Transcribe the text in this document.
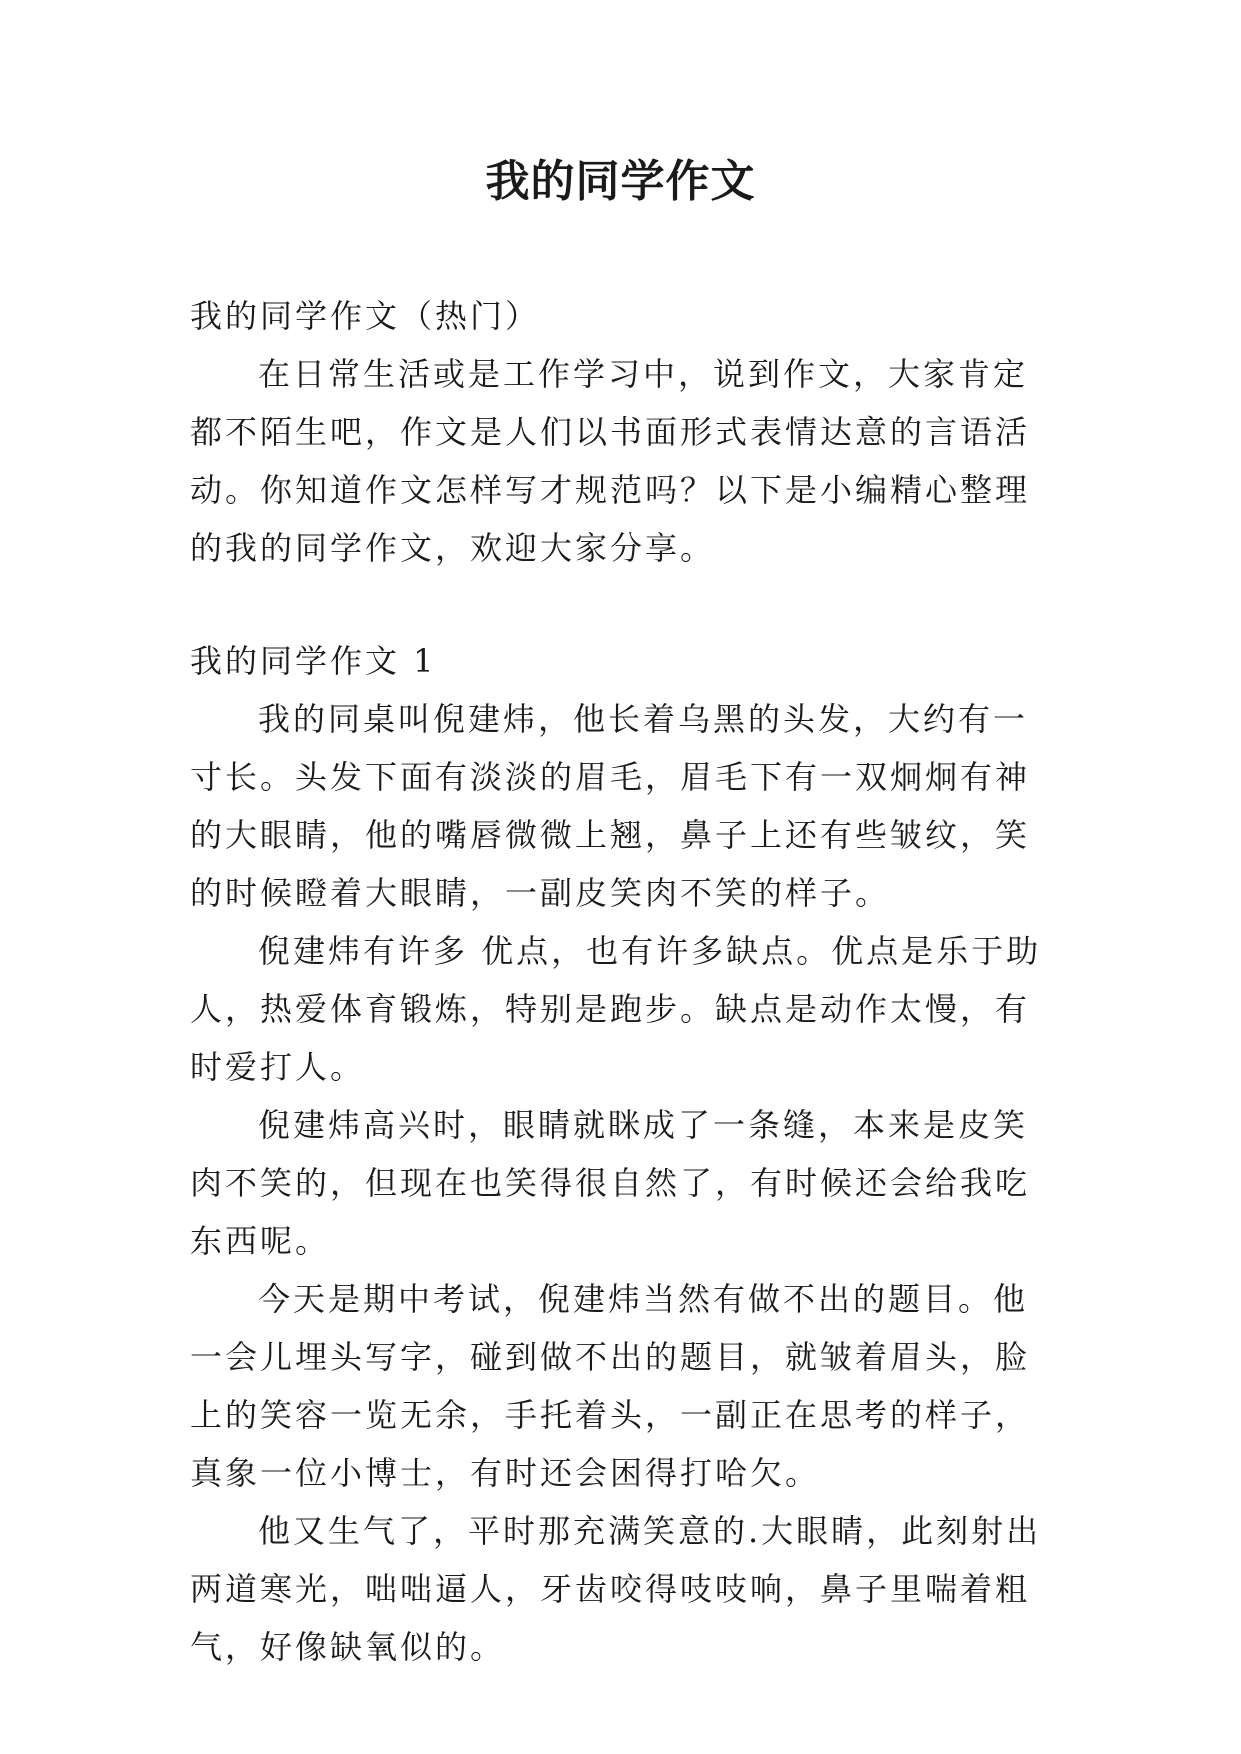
我的同学作文

我的同学作文（热门）

在日常生活或是工作学习中，说到作文，大家肯定都不陌生吧，作文是人们以书面形式表情达意的言语活动。你知道作文怎样写才规范吗？以下是小编精心整理的我的同学作文，欢迎大家分享。

我的同学作文 1

我的同桌叫倪建炜，他长着乌黑的头发，大约有一寸长。头发下面有淡淡的眉毛，眉毛下有一双炯炯有神的大眼睛，他的嘴唇微微上翘，鼻子上还有些皱纹，笑的时候瞪着大眼睛，一副皮笑肉不笑的样子。

倪建炜有许多 优点，也有许多缺点。优点是乐于助人，热爱体育锻炼，特别是跑步。缺点是动作太慢，有时爱打人。

倪建炜高兴时，眼睛就眯成了一条缝，本来是皮笑肉不笑的，但现在也笑得很自然了，有时候还会给我吃东西呢。

今天是期中考试，倪建炜当然有做不出的题目。他一会儿埋头写字，碰到做不出的题目，就皱着眉头，脸上的笑容一览无余，手托着头，一副正在思考的样子，真象一位小博士，有时还会困得打哈欠。

他又生气了，平时那充满笑意的.大眼睛，此刻射出两道寒光，咄咄逼人，牙齿咬得吱吱响，鼻子里喘着粗气，好像缺氧似的。
